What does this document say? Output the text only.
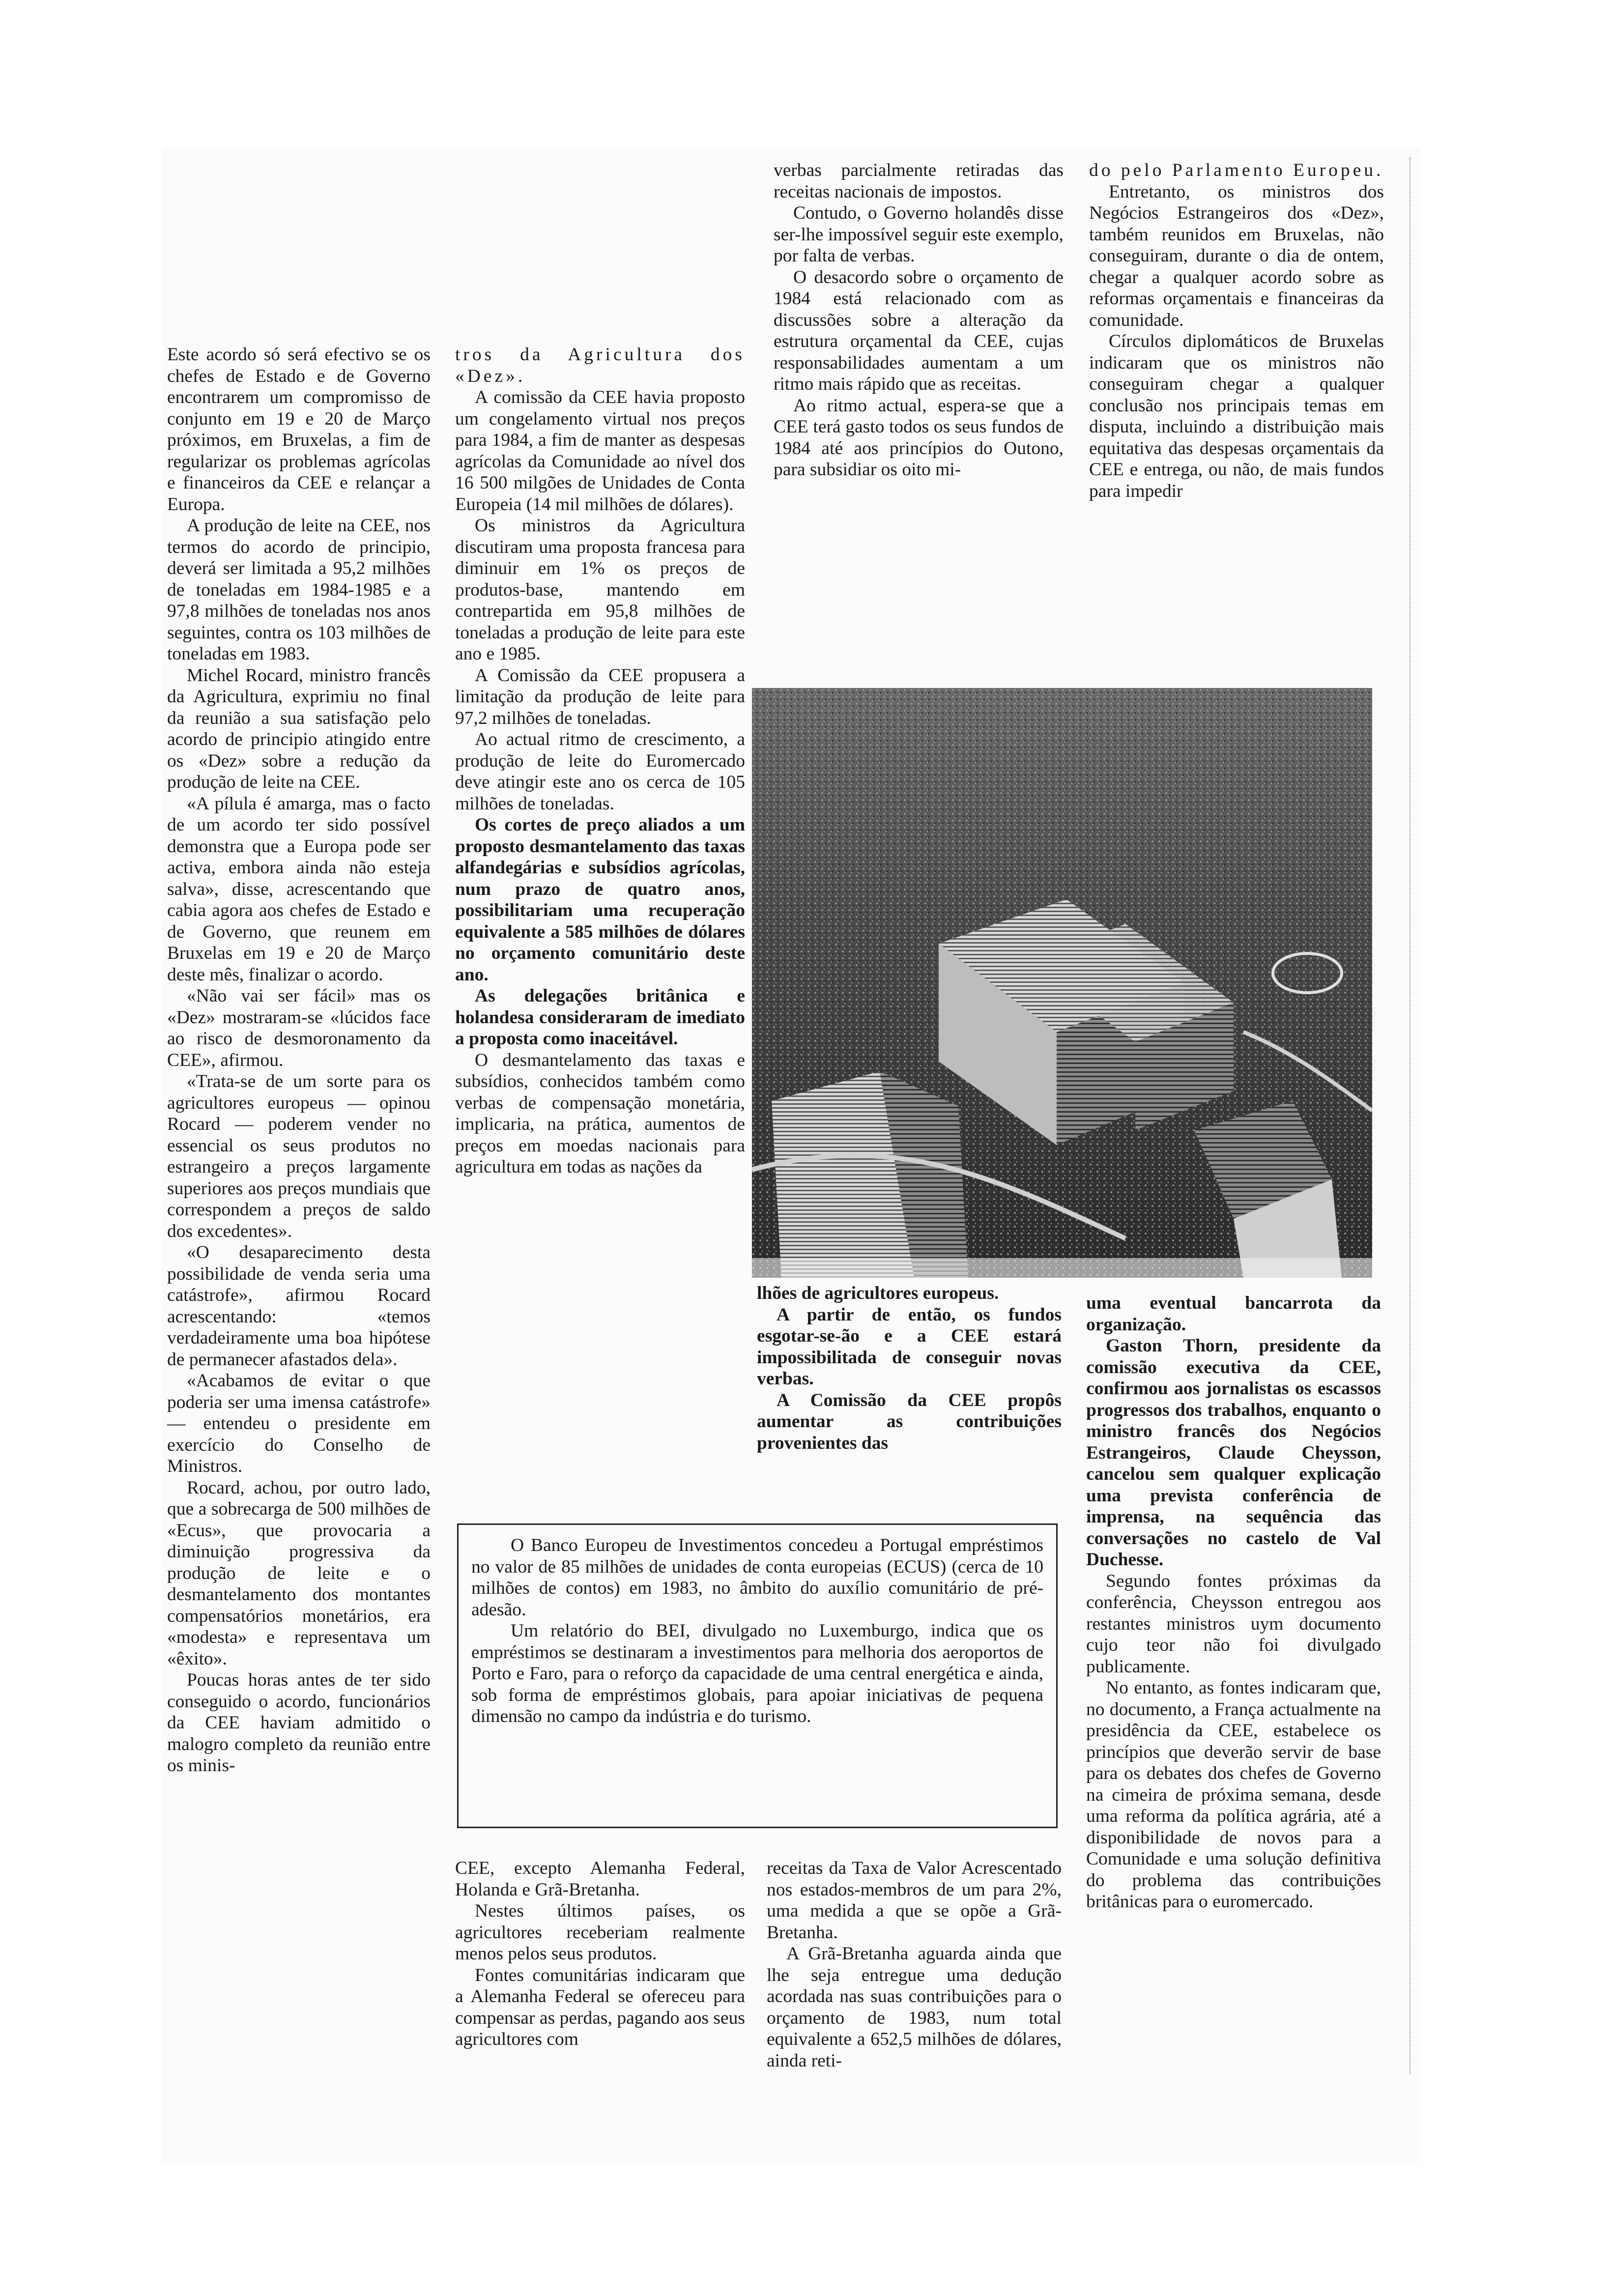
Este acordo só será efectivo se os chefes de Estado e de Governo encontrarem um compromisso de conjunto em 19 e 20 de Março próximos, em Bruxelas, a fim de regularizar os problemas agrícolas e financeiros da CEE e relançar a Europa.

A produção de leite na CEE, nos termos do acordo de principio, deverá ser limitada a 95,2 milhões de toneladas em 1984-1985 e a 97,8 milhões de toneladas nos anos seguintes, contra os 103 milhões de toneladas em 1983.

Michel Rocard, ministro francês da Agricultura, exprimiu no final da reunião a sua satisfação pelo acordo de principio atingido entre os «Dez» sobre a redução da produção de leite na CEE.

«A pílula é amarga, mas o facto de um acordo ter sido possível demonstra que a Europa pode ser activa, embora ainda não esteja salva», disse, acrescentando que cabia agora aos chefes de Estado e de Governo, que reunem em Bruxelas em 19 e 20 de Março deste mês, finalizar o acordo.

«Não vai ser fácil» mas os «Dez» mostraram-se «lúcidos face ao risco de desmoronamento da CEE», afirmou.

«Trata-se de um sorte para os agricultores europeus — opinou Rocard — poderem vender no essencial os seus produtos no estrangeiro a preços largamente superiores aos preços mundiais que correspondem a preços de saldo dos excedentes».

«O desaparecimento desta possibilidade de venda seria uma catástrofe», afirmou Rocard acrescentando: «temos verdadeiramente uma boa hipótese de permanecer afastados dela».

«Acabamos de evitar o que poderia ser uma imensa catástrofe» — entendeu o presidente em exercício do Conselho de Ministros.

Rocard, achou, por outro lado, que a sobrecarga de 500 milhões de «Ecus», que provocaria a diminuição progressiva da produção de leite e o desmantelamento dos montantes compensatórios monetários, era «modesta» e representava um «êxito».

Poucas horas antes de ter sido conseguido o acordo, funcionários da CEE haviam admitido o malogro completo da reunião entre os minis-

tros da Agricultura dos «Dez».

A comissão da CEE havia proposto um congelamento virtual nos preços para 1984, a fim de manter as despesas agrícolas da Comunidade ao nível dos 16 500 milgões de Unidades de Conta Europeia (14 mil milhões de dólares).

Os ministros da Agricultura discutiram uma proposta francesa para diminuir em 1% os preços de produtos-base, mantendo em contrepartida em 95,8 milhões de toneladas a produção de leite para este ano e 1985.

A Comissão da CEE propusera a limitação da produção de leite para 97,2 milhões de toneladas.

Ao actual ritmo de crescimento, a produção de leite do Euromercado deve atingir este ano os cerca de 105 milhões de toneladas.

Os cortes de preço aliados a um proposto desmantelamento das taxas alfandegárias e subsídios agrícolas, num prazo de quatro anos, possibilitariam uma recuperação equivalente a 585 milhões de dólares no orçamento comunitário deste ano.

As delegações britânica e holandesa consideraram de imediato a proposta como inaceitável.

O desmantelamento das taxas e subsídios, conhecidos também como verbas de compensação monetária, implicaria, na prática, aumentos de preços em moedas nacionais para agricultura em todas as nações da

verbas parcialmente retiradas das receitas nacionais de impostos.

Contudo, o Governo holandês disse ser-lhe impossível seguir este exemplo, por falta de verbas.

O desacordo sobre o orçamento de 1984 está relacionado com as discussões sobre a alteração da estrutura orçamental da CEE, cujas responsabilidades aumentam a um ritmo mais rápido que as receitas.

Ao ritmo actual, espera-se que a CEE terá gasto todos os seus fundos de 1984 até aos princípios do Outono, para subsidiar os oito mi-

do pelo Parlamento Europeu.

Entretanto, os ministros dos Negócios Estrangeiros dos «Dez», também reunidos em Bruxelas, não conseguiram, durante o dia de ontem, chegar a qualquer acordo sobre as reformas orçamentais e financeiras da comunidade.

Círculos diplomáticos de Bruxelas indicaram que os ministros não conseguiram chegar a qualquer conclusão nos principais temas em disputa, incluindo a distribuição mais equitativa das despesas orçamentais da CEE e entrega, ou não, de mais fundos para impedir

lhões de agricultores europeus.

A partir de então, os fundos esgotar-se-ão e a CEE estará impossibilitada de conseguir novas verbas.

A Comissão da CEE propôs aumentar as contribuições provenientes das

uma eventual bancarrota da organização.

Gaston Thorn, presidente da comissão executiva da CEE, confirmou aos jornalistas os escassos progressos dos trabalhos, enquanto o ministro francês dos Negócios Estrangeiros, Claude Cheysson, cancelou sem qualquer explicação uma prevista conferência de imprensa, na sequência das conversações no castelo de Val Duchesse.

Segundo fontes próximas da conferência, Cheysson entregou aos restantes ministros uym documento cujo teor não foi divulgado publicamente.

No entanto, as fontes indicaram que, no documento, a França actualmente na presidência da CEE, estabelece os princípios que deverão servir de base para os debates dos chefes de Governo na cimeira de próxima semana, desde uma reforma da política agrária, até a disponibilidade de novos para a Comunidade e uma solução definitiva do problema das contribuições britânicas para o euromercado.

O Banco Europeu de Investimentos concedeu a Portugal empréstimos no valor de 85 milhões de unidades de conta europeias (ECUS) (cerca de 10 milhões de contos) em 1983, no âmbito do auxílio comunitário de pré-adesão.

Um relatório do BEI, divulgado no Luxemburgo, indica que os empréstimos se destinaram a investimentos para melhoria dos aeroportos de Porto e Faro, para o reforço da capacidade de uma central energética e ainda, sob forma de empréstimos globais, para apoiar iniciativas de pequena dimensão no campo da indústria e do turismo.

CEE, excepto Alemanha Federal, Holanda e Grã-Bretanha.

Nestes últimos países, os agricultores receberiam realmente menos pelos seus produtos.

Fontes comunitárias indicaram que a Alemanha Federal se ofereceu para compensar as perdas, pagando aos seus agricultores com

receitas da Taxa de Valor Acrescentado nos estados-membros de um para 2%, uma medida a que se opõe a Grã-Bretanha.

A Grã-Bretanha aguarda ainda que lhe seja entregue uma dedução acordada nas suas contribuições para o orçamento de 1983, num total equivalente a 652,5 milhões de dólares, ainda reti-
